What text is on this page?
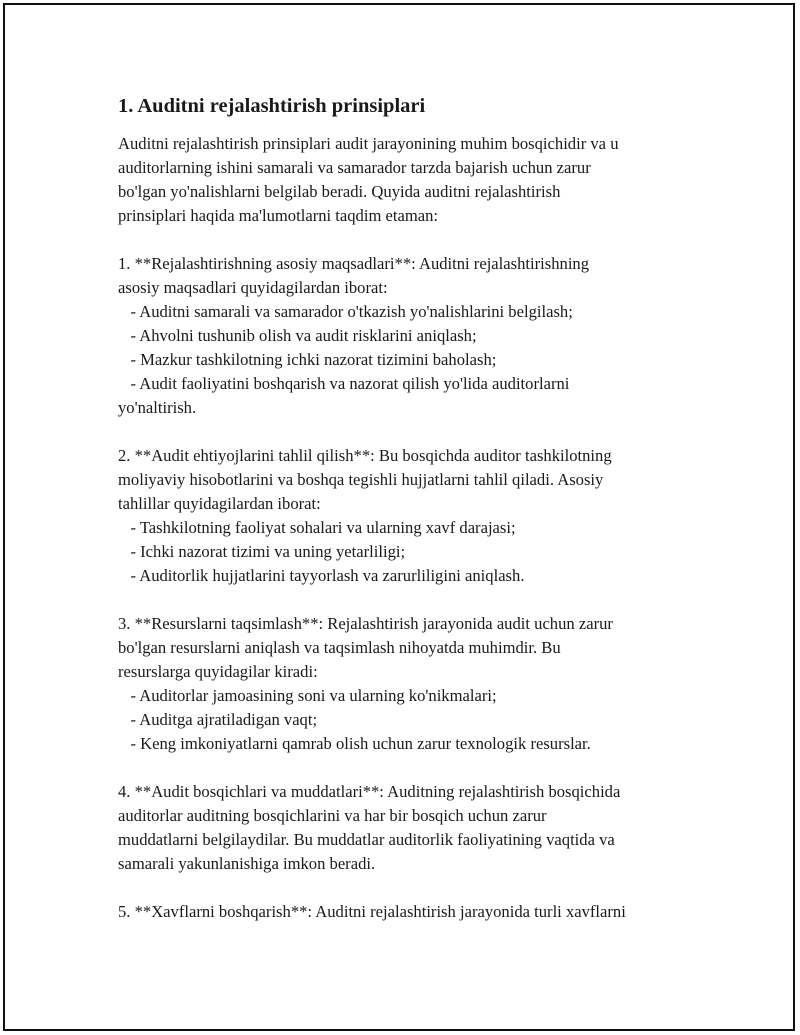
1. Auditni rejalashtirish prinsiplari

Auditni rejalashtirish prinsiplari audit jarayonining muhim bosqichidir va u
auditorlarning ishini samarali va samarador tarzda bajarish uchun zarur
bo'lgan yo'nalishlarni belgilab beradi. Quyida auditni rejalashtirish
prinsiplari haqida ma'lumotlarni taqdim etaman:

1. **Rejalashtirishning asosiy maqsadlari**: Auditni rejalashtirishning
asosiy maqsadlari quyidagilardan iborat:

- Auditni samarali va samarador o'tkazish yo'nalishlarini belgilash;
- Ahvolni tushunib olish va audit risklarini aniqlash;
- Mazkur tashkilotning ichki nazorat tizimini baholash;
- Audit faoliyatini boshqarish va nazorat qilish yo'lida auditorlarni
yo'naltirish.

2. **Audit ehtiyojlarini tahlil qilish**: Bu bosqichda auditor tashkilotning
moliyaviy hisobotlarini va boshqa tegishli hujjatlarni tahlil qiladi. Asosiy
tahlillar quyidagilardan iborat:

- Tashkilotning faoliyat sohalari va ularning xavf darajasi;
- Ichki nazorat tizimi va uning yetarliligi;
- Auditorlik hujjatlarini tayyorlash va zarurliligini aniqlash.

3. **Resurslarni taqsimlash**: Rejalashtirish jarayonida audit uchun zarur
bo'lgan resurslarni aniqlash va taqsimlash nihoyatda muhimdir. Bu
resurslarga quyidagilar kiradi:

- Auditorlar jamoasining soni va ularning ko'nikmalari;
- Auditga ajratiladigan vaqt;
- Keng imkoniyatlarni qamrab olish uchun zarur texnologik resurslar.

4. **Audit bosqichlari va muddatlari**: Auditning rejalashtirish bosqichida
auditorlar auditning bosqichlarini va har bir bosqich uchun zarur
muddatlarni belgilaydilar. Bu muddatlar auditorlik faoliyatining vaqtida va
samarali yakunlanishiga imkon beradi.

5. **Xavflarni boshqarish**: Auditni rejalashtirish jarayonida turli xavflarni
